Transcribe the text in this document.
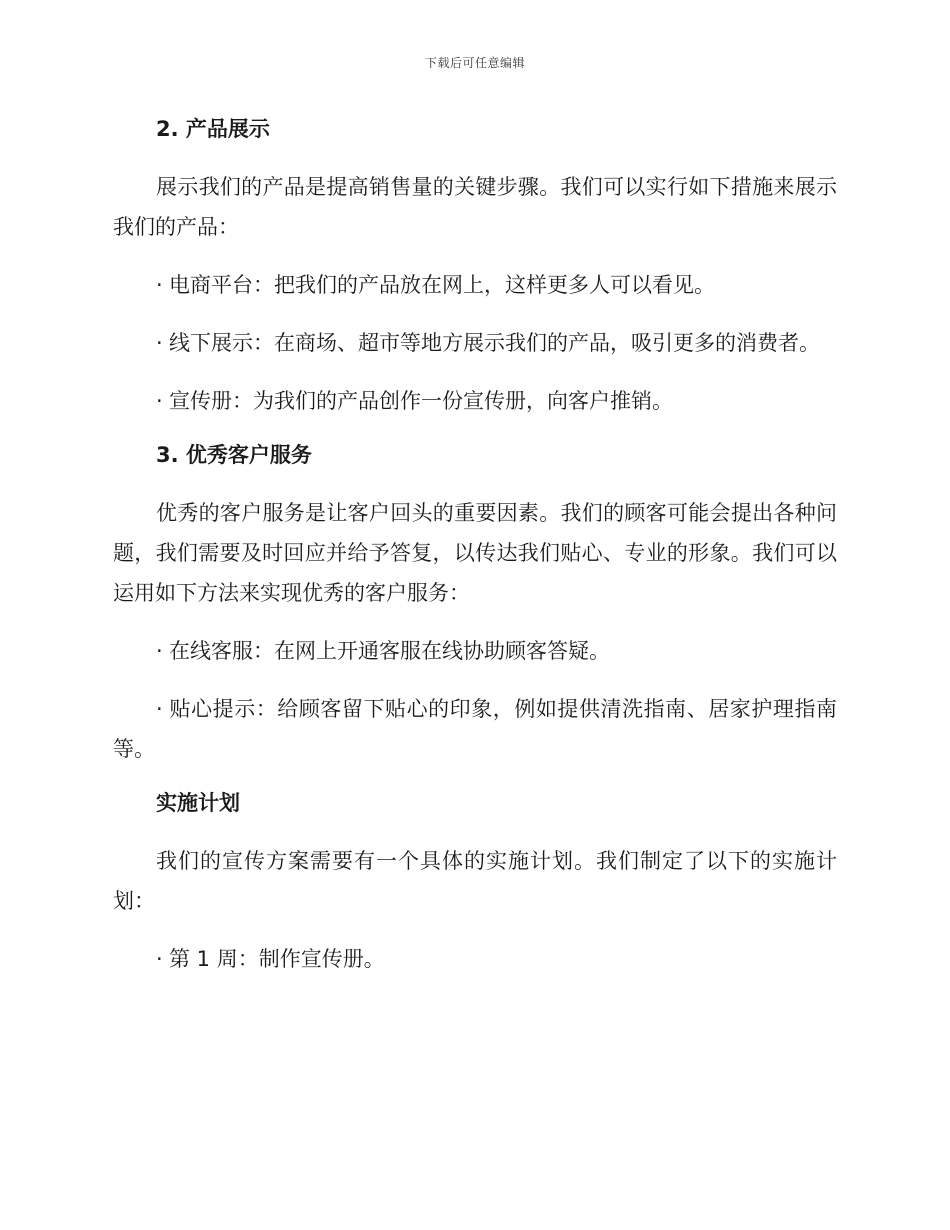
下载后可任意编辑
2. 产品展示

展示我们的产品是提高销售量的关键步骤。我们可以实行如下措施来展示我们的产品：

· 电商平台：把我们的产品放在网上，这样更多人可以看见。

· 线下展示：在商场、超市等地方展示我们的产品，吸引更多的消费者。

· 宣传册：为我们的产品创作一份宣传册，向客户推销。

3. 优秀客户服务

优秀的客户服务是让客户回头的重要因素。我们的顾客可能会提出各种问题，我们需要及时回应并给予答复，以传达我们贴心、专业的形象。我们可以运用如下方法来实现优秀的客户服务：

· 在线客服：在网上开通客服在线协助顾客答疑。

· 贴心提示：给顾客留下贴心的印象，例如提供清洗指南、居家护理指南等。

实施计划

我们的宣传方案需要有一个具体的实施计划。我们制定了以下的实施计划：

· 第 1 周：制作宣传册。
